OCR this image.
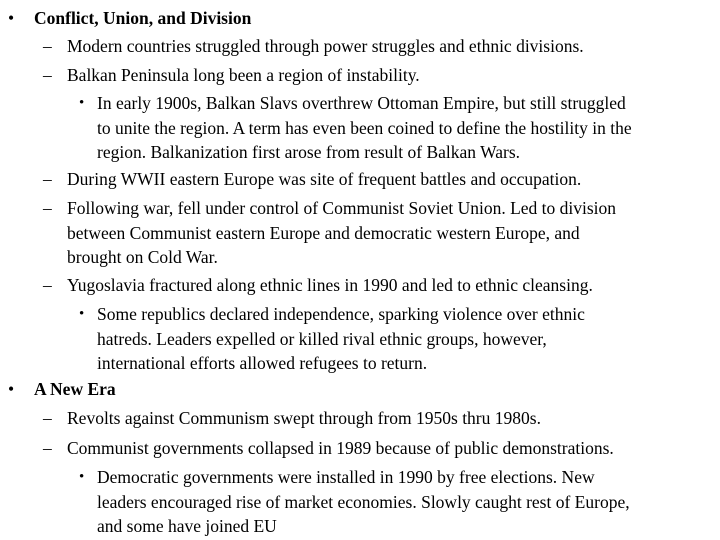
• Conflict, Union, and Division
– Modern countries struggled through power struggles and ethnic divisions.
– Balkan Peninsula long been a region of instability.
• In early 1900s, Balkan Slavs overthrew Ottoman Empire, but still struggled
to unite the region. A term has even been coined to define the hostility in the
region. Balkanization first arose from result of Balkan Wars.
– During WWII eastern Europe was site of frequent battles and occupation.
– Following war, fell under control of Communist Soviet Union. Led to division
between Communist eastern Europe and democratic western Europe, and
brought on Cold War.
– Yugoslavia fractured along ethnic lines in 1990 and led to ethnic cleansing.
• Some republics declared independence, sparking violence over ethnic
hatreds. Leaders expelled or killed rival ethnic groups, however,
international efforts allowed refugees to return.
• A New Era
– Revolts against Communism swept through from 1950s thru 1980s.
– Communist governments collapsed in 1989 because of public demonstrations.
• Democratic governments were installed in 1990 by free elections. New
leaders encouraged rise of market economies. Slowly caught rest of Europe,
and some have joined EU
